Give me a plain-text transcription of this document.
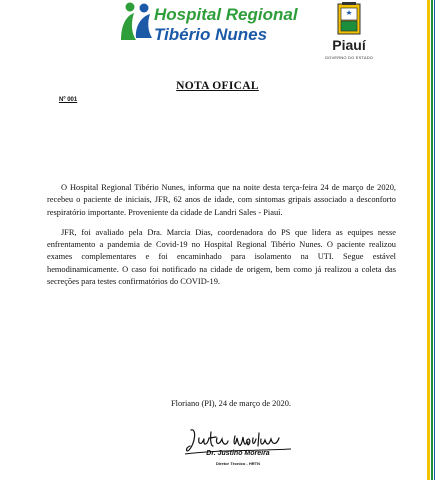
Hospital Regional
Tibério Nunes
Piauí
GOVERNO DO ESTADO
NOTA OFICAL
Nº 001

O Hospital Regional Tibério Nunes, informa que na noite desta terça-feira 24 de março de 2020, recebeu o paciente de iniciais, JFR, 62 anos de idade, com sintomas gripais associado a desconforto respiratório importante. Proveniente da cidade de Landri Sales - Piauí.

JFR, foi avaliado pela Dra. Marcia Dias, coordenadora do PS que lidera as equipes nesse enfrentamento a pandemia de Covid-19 no Hospital Regional Tibério Nunes. O paciente realizou exames complementares e foi encaminhado para isolamento na UTI. Segue estável hemodinamicamente. O caso foi notificado na cidade de origem, bem como já realizou a coleta das secreções para testes confirmatórios do COVID-19.

Floriano (PI), 24 de março de 2020.
Dr. Justino Moreira
Diretor Técnico - HRTN
